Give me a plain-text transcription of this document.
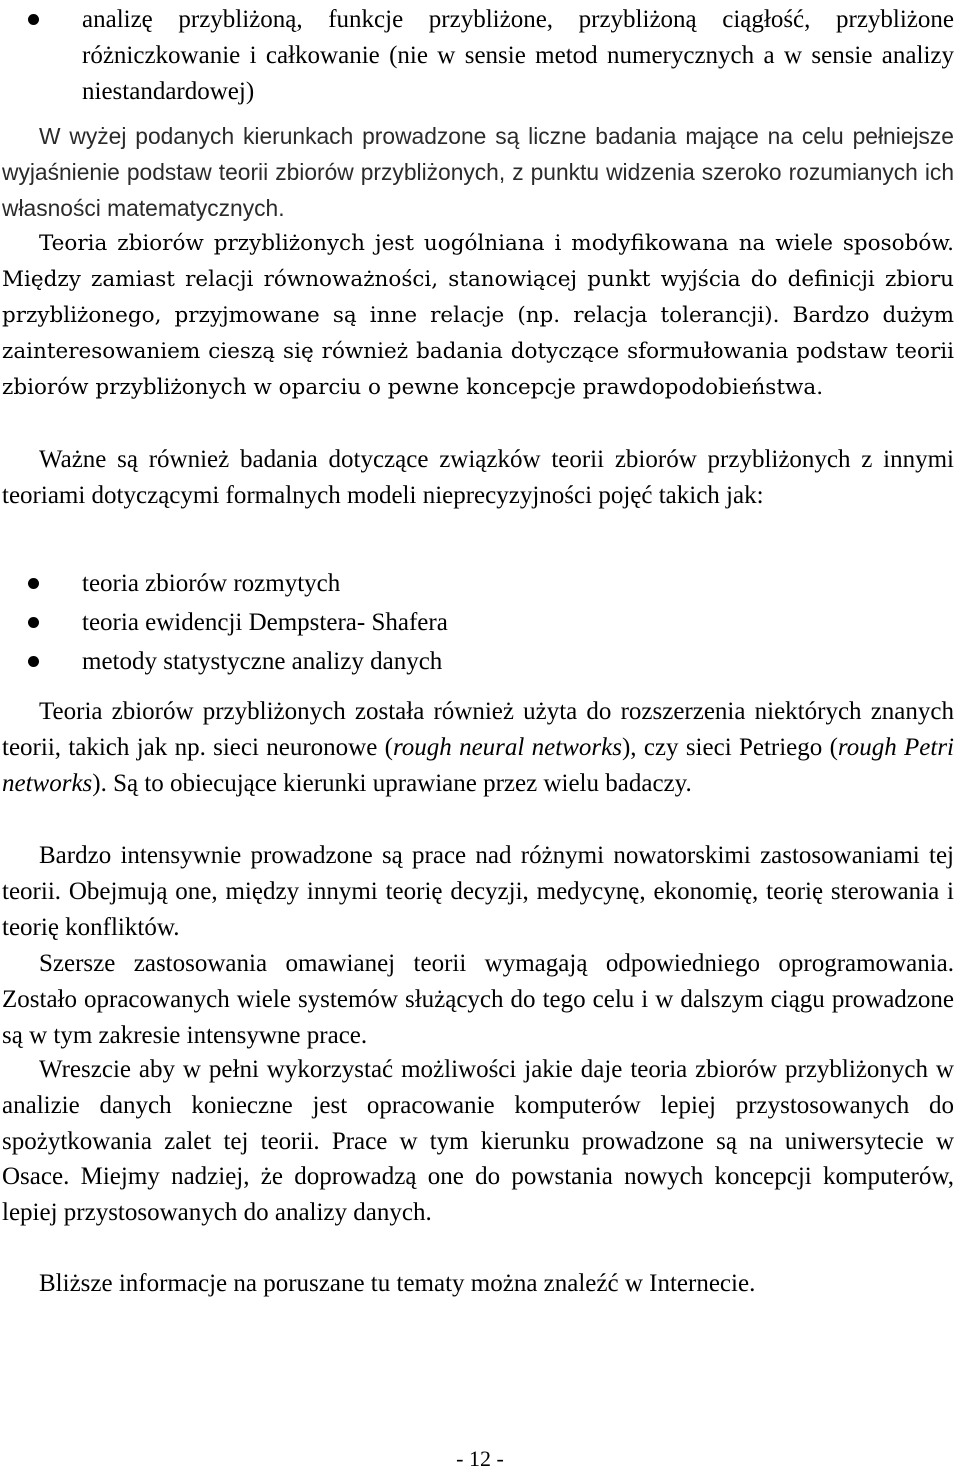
analizę przybliżoną, funkcje przybliżone, przybliżoną ciągłość, przybliżone różniczkowanie i całkowanie (nie w sensie metod numerycznych a w sensie analizy niestandardowej)

W wyżej podanych kierunkach prowadzone są liczne badania mające na celu pełniejsze wyjaśnienie podstaw teorii zbiorów przybliżonych, z punktu widzenia szeroko rozumianych ich własności matematycznych.

Teoria zbiorów przybliżonych jest uogólniana i modyfikowana na wiele sposobów. Między zamiast relacji równoważności, stanowiącej punkt wyjścia do definicji zbioru przybliżonego, przyjmowane są inne relacje (np. relacja tolerancji). Bardzo dużym zainteresowaniem cieszą się również badania dotyczące sformułowania podstaw teorii zbiorów przybliżonych w oparciu o pewne koncepcje prawdopodobieństwa.

Ważne są również badania dotyczące związków teorii zbiorów przybliżonych z innymi teoriami dotyczącymi formalnych modeli nieprecyzyjności pojęć takich jak:

teoria zbiorów rozmytych

teoria ewidencji Dempstera- Shafera

metody statystyczne analizy danych

Teoria zbiorów przybliżonych została również użyta do rozszerzenia niektórych znanych teorii, takich jak np. sieci neuronowe (rough neural networks), czy sieci Petriego (rough Petri networks). Są to obiecujące kierunki uprawiane przez wielu badaczy.

Bardzo intensywnie prowadzone są prace nad różnymi nowatorskimi zastosowaniami tej teorii. Obejmują one, między innymi teorię decyzji, medycynę, ekonomię, teorię sterowania i teorię konfliktów.

Szersze zastosowania omawianej teorii wymagają odpowiedniego oprogramowania. Zostało opracowanych wiele systemów służących do tego celu i w dalszym ciągu prowadzone są w tym zakresie intensywne prace.

Wreszcie aby w pełni wykorzystać możliwości jakie daje teoria zbiorów przybliżonych w analizie danych konieczne jest opracowanie komputerów lepiej przystosowanych do spożytkowania zalet tej teorii. Prace w tym kierunku prowadzone są na uniwersytecie w Osace. Miejmy nadziej, że doprowadzą one do powstania nowych koncepcji komputerów, lepiej przystosowanych do analizy danych.

Bliższe informacje na poruszane tu tematy można znaleźć w Internecie.

- 12 -
